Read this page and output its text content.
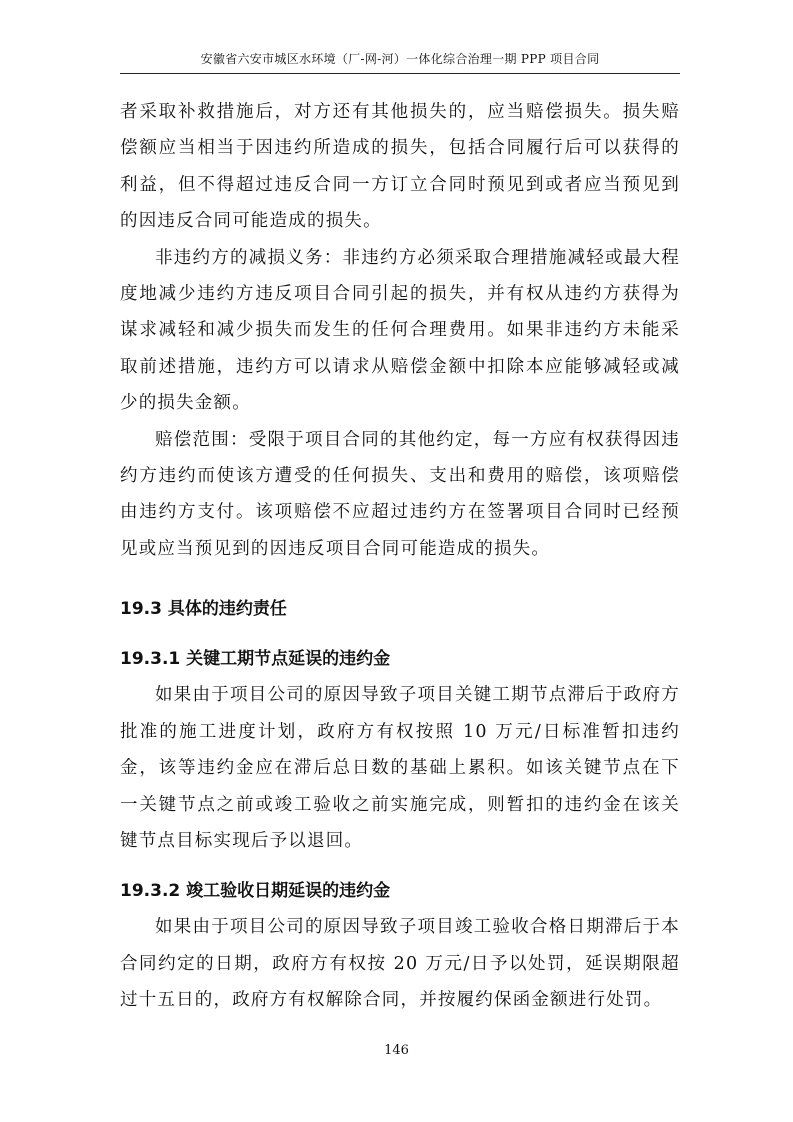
安徽省六安市城区水环境（厂-网-河）一体化综合治理一期 PPP 项目合同

者采取补救措施后，对方还有其他损失的，应当赔偿损失。损失赔偿额应当相当于因违约所造成的损失，包括合同履行后可以获得的利益，但不得超过违反合同一方订立合同时预见到或者应当预见到的因违反合同可能造成的损失。

非违约方的减损义务：非违约方必须采取合理措施减轻或最大程度地减少违约方违反项目合同引起的损失，并有权从违约方获得为谋求减轻和减少损失而发生的任何合理费用。如果非违约方未能采取前述措施，违约方可以请求从赔偿金额中扣除本应能够减轻或减少的损失金额。

赔偿范围：受限于项目合同的其他约定，每一方应有权获得因违约方违约而使该方遭受的任何损失、支出和费用的赔偿，该项赔偿由违约方支付。该项赔偿不应超过违约方在签署项目合同时已经预见或应当预见到的因违反项目合同可能造成的损失。

19.3 具体的违约责任
19.3.1 关键工期节点延误的违约金

如果由于项目公司的原因导致子项目关键工期节点滞后于政府方批准的施工进度计划，政府方有权按照 10 万元/日标准暂扣违约金，该等违约金应在滞后总日数的基础上累积。如该关键节点在下一关键节点之前或竣工验收之前实施完成，则暂扣的违约金在该关键节点目标实现后予以退回。

19.3.2 竣工验收日期延误的违约金

如果由于项目公司的原因导致子项目竣工验收合格日期滞后于本合同约定的日期，政府方有权按 20 万元/日予以处罚，延误期限超过十五日的，政府方有权解除合同，并按履约保函金额进行处罚。

146
